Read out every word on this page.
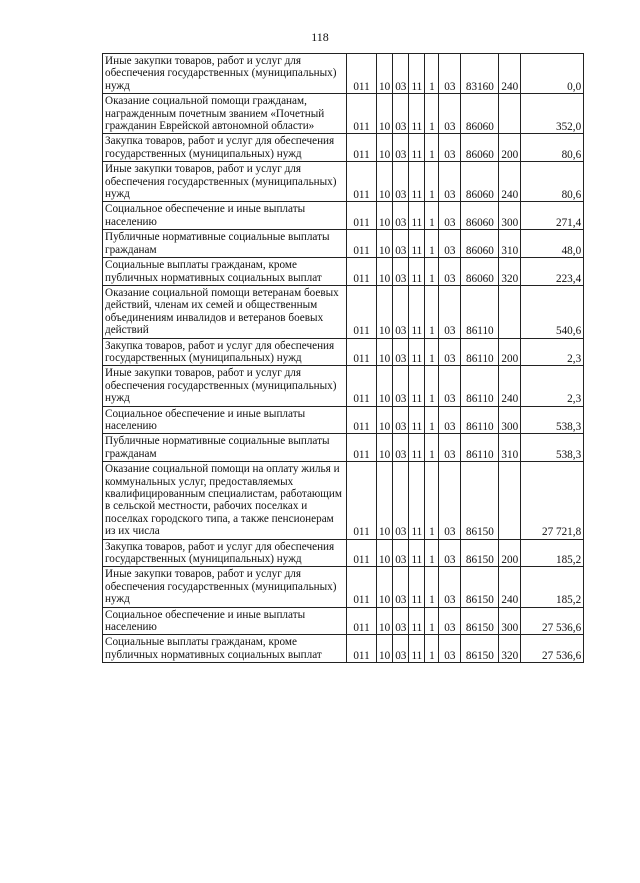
118
Иные закупки товаров, работ и услуг для обеспечения государственных (муниципальных) нужд	011	10	03	11	1	03	83160	240	0,0
Оказание социальной помощи гражданам, награжденным почетным званием «Почетный гражданин Еврейской автономной области»	011	10	03	11	1	03	86060		352,0
Закупка товаров, работ и услуг для обеспечения государственных (муниципальных) нужд	011	10	03	11	1	03	86060	200	80,6
Иные закупки товаров, работ и услуг для обеспечения государственных (муниципальных) нужд	011	10	03	11	1	03	86060	240	80,6
Социальное обеспечение и иные выплаты населению	011	10	03	11	1	03	86060	300	271,4
Публичные нормативные социальные выплаты гражданам	011	10	03	11	1	03	86060	310	48,0
Социальные выплаты гражданам, кроме публичных нормативных социальных выплат	011	10	03	11	1	03	86060	320	223,4
Оказание социальной помощи ветеранам боевых действий, членам их семей и общественным объединениям инвалидов и ветеранов боевых действий	011	10	03	11	1	03	86110		540,6
Закупка товаров, работ и услуг для обеспечения государственных (муниципальных) нужд	011	10	03	11	1	03	86110	200	2,3
Иные закупки товаров, работ и услуг для обеспечения государственных (муниципальных) нужд	011	10	03	11	1	03	86110	240	2,3
Социальное обеспечение и иные выплаты населению	011	10	03	11	1	03	86110	300	538,3
Публичные нормативные социальные выплаты гражданам	011	10	03	11	1	03	86110	310	538,3
Оказание социальной помощи на оплату жилья и коммунальных услуг, предоставляемых квалифицированным специалистам, работающим в сельской местности, рабочих поселках и поселках городского типа, а также пенсионерам из их числа	011	10	03	11	1	03	86150		27 721,8
Закупка товаров, работ и услуг для обеспечения государственных (муниципальных) нужд	011	10	03	11	1	03	86150	200	185,2
Иные закупки товаров, работ и услуг для обеспечения государственных (муниципальных) нужд	011	10	03	11	1	03	86150	240	185,2
Социальное обеспечение и иные выплаты населению	011	10	03	11	1	03	86150	300	27 536,6
Социальные выплаты гражданам, кроме публичных нормативных социальных выплат	011	10	03	11	1	03	86150	320	27 536,6
